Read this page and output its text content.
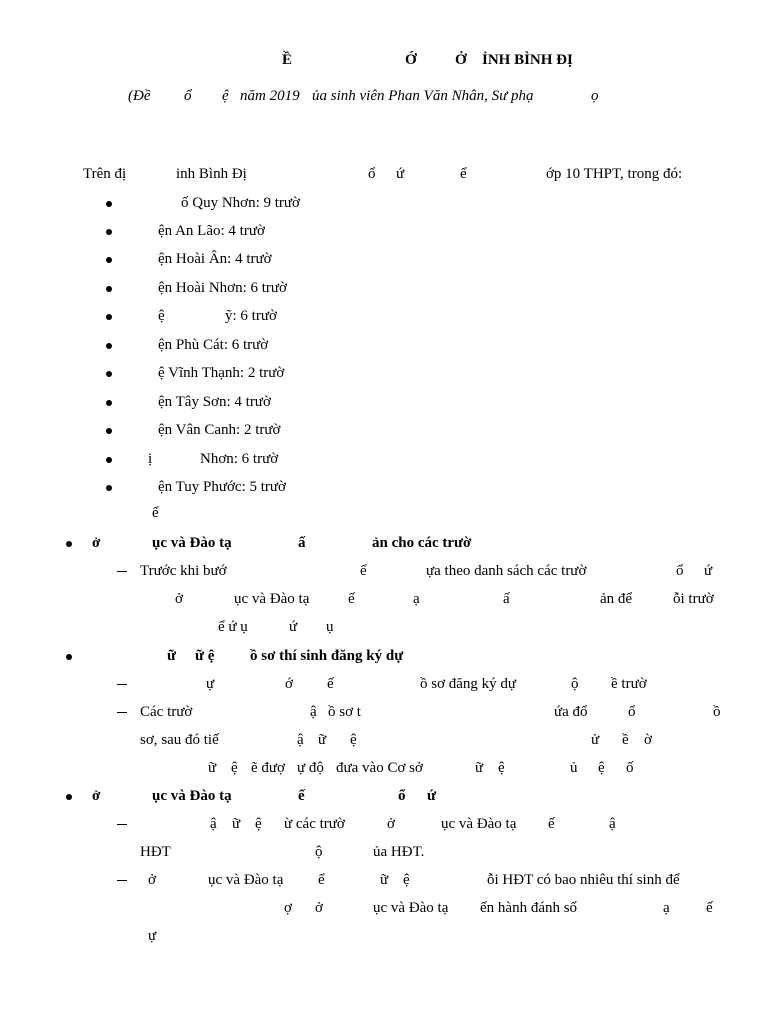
Ề	Ớ	Ở ỈNH BÌNH ĐỊ
(Đề ổ ệ năm 2019 ủa sinh viên Phan Văn Nhân, Sư phạ	ọ
Trên đị	inh Bình Đị	ổ ứ	ể	ớp 10 THPT, trong đó:
ố Quy Nhơn: 9 trườ
ện An Lão: 4 trườ
ện Hoài Ân: 4 trườ
ện Hoài Nhơn: 6 trườ
ệ	ỹ: 6 trườ
ện Phù Cát: 6 trườ
ệ Vĩnh Thạnh: 2 trườ
ện Tây Sơn: 4 trườ
ện Vân Canh: 2 trườ
ị	Nhơn: 6 trườ
ện Tuy Phước: 5 trườ
ể
ở	ục và Đào tạ	ấ	ản cho các trườ
Trước khi bướ	ể	ựa theo danh sách các trườ	ổ ứ
ở	ục và Đào tạ	ế	ạ	ấ	ản để	ỗi trườ
ể ứ ụ	ứ ụ
ữ ữ ệ ồ sơ thí sinh đăng ký dự
ự	ớ ế	ồ sơ đăng ký dự	ộ ề trườ
Các trườ	ậ ồ sơ t	ứa đổ	ổ	ồ
sơ, sau đó tiế	ậ ữ ệ	ử ề ờ
ữ ệ ẽ đượ ự độ đưa vào Cơ sở	ữ ệ	ủ ệ ố
ở	ục và Đào tạ	ế	ổ ứ
ậ ữ ệ ừ các trườ	ở	ục và Đào tạ ế	ậ
HĐT	ộ	ủa HĐT.
ở	ục và Đào tạ ể	ữ ệ	ỗi HĐT có bao nhiêu thí sinh để
ợ ở	ục và Đào tạ ến hành đánh số	ạ ế
ự
